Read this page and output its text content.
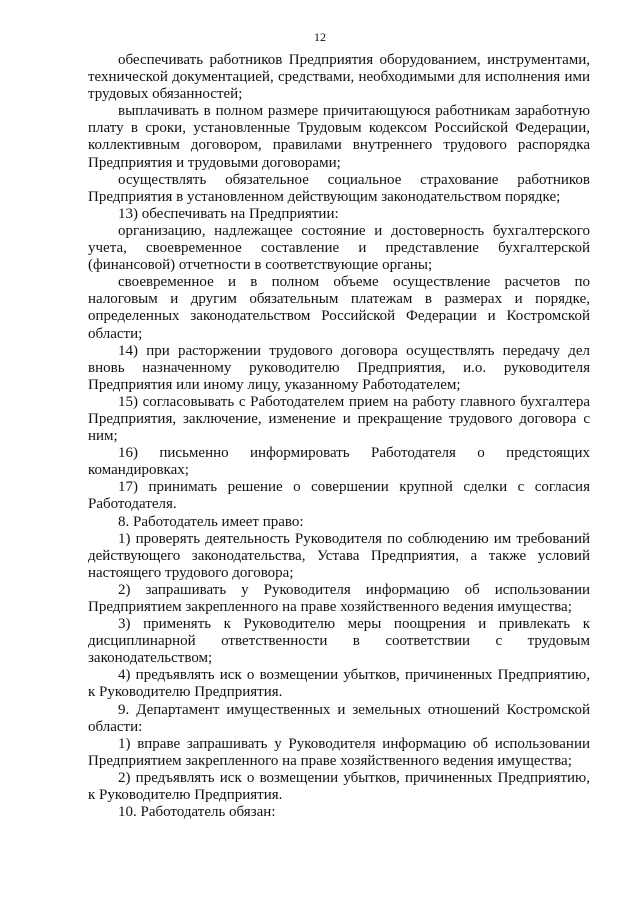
12

обеспечивать работников Предприятия оборудованием, инструментами, технической документацией, средствами, необходимыми для исполнения ими трудовых обязанностей;

выплачивать в полном размере причитающуюся работникам заработную плату в сроки, установленные Трудовым кодексом Российской Федерации, коллективным договором, правилами внутреннего трудового распорядка Предприятия и трудовыми договорами;

осуществлять обязательное социальное страхование работников Предприятия в установленном действующим законодательством порядке;

13) обеспечивать на Предприятии:

организацию, надлежащее состояние и достоверность бухгалтерского учета, своевременное составление и представление бухгалтерской (финансовой) отчетности в соответствующие органы;

своевременное и в полном объеме осуществление расчетов по налоговым и другим обязательным платежам в размерах и порядке, определенных законодательством Российской Федерации и Костромской области;

14) при расторжении трудового договора осуществлять передачу дел вновь назначенному руководителю Предприятия, и.о. руководителя Предприятия или иному лицу, указанному Работодателем;

15) согласовывать с Работодателем прием на работу главного бухгалтера Предприятия, заключение, изменение и прекращение трудового договора с ним;

16) письменно информировать Работодателя о предстоящих командировках;

17) принимать решение о совершении крупной сделки с согласия Работодателя.

8. Работодатель имеет право:

1) проверять деятельность Руководителя по соблюдению им требований действующего законодательства, Устава Предприятия, а также условий настоящего трудового договора;

2) запрашивать у Руководителя информацию об использовании Предприятием закрепленного на праве хозяйственного ведения имущества;

3) применять к Руководителю меры поощрения и привлекать к дисциплинарной ответственности в соответствии с трудовым законодательством;

4) предъявлять иск о возмещении убытков, причиненных Предприятию, к Руководителю Предприятия.

9. Департамент имущественных и земельных отношений Костромской области:

1) вправе запрашивать у Руководителя информацию об использовании Предприятием закрепленного на праве хозяйственного ведения имущества;

2) предъявлять иск о возмещении убытков, причиненных Предприятию, к Руководителю Предприятия.

10. Работодатель обязан:
